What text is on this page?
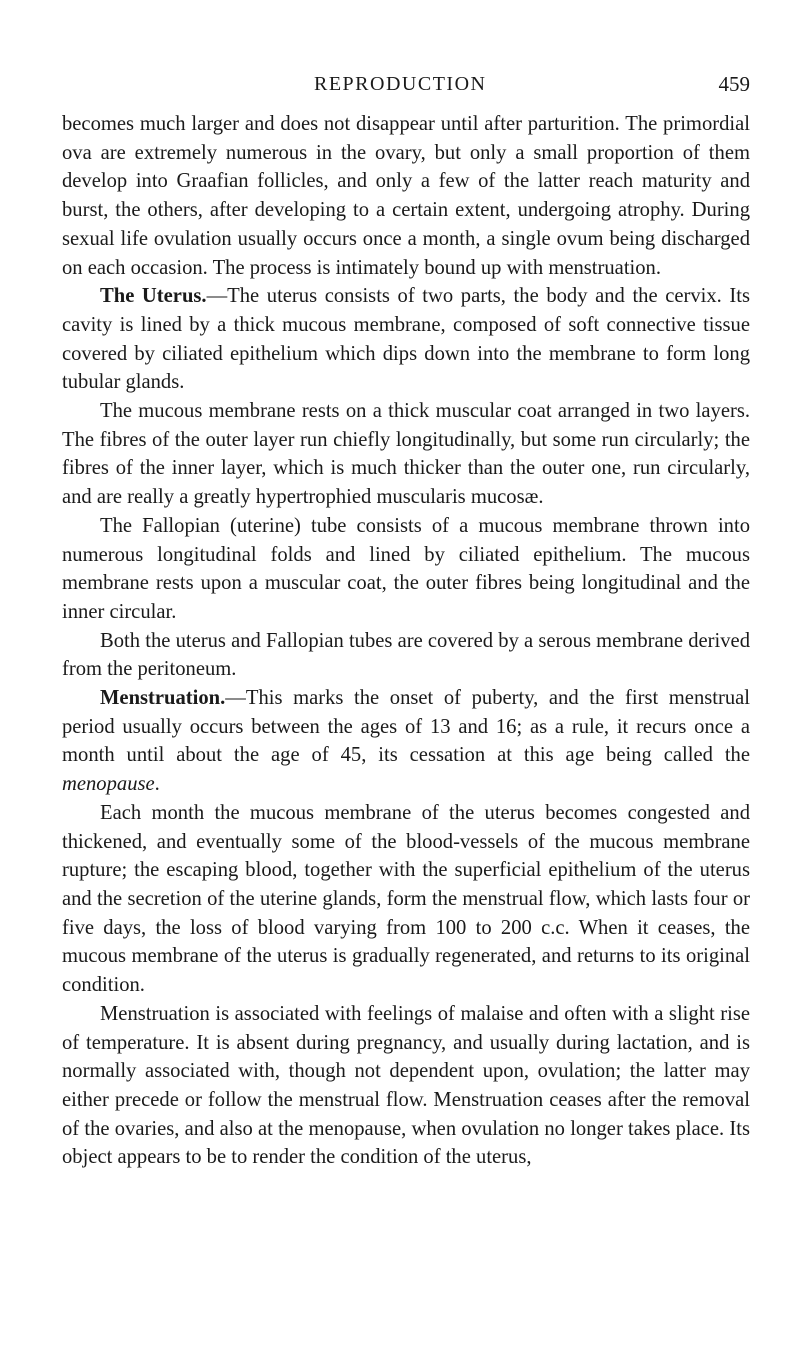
REPRODUCTION	459

becomes much larger and does not disappear until after parturition. The primordial ova are extremely numerous in the ovary, but only a small proportion of them develop into Graafian follicles, and only a few of the latter reach maturity and burst, the others, after developing to a certain extent, undergoing atrophy. During sexual life ovulation usually occurs once a month, a single ovum being discharged on each occasion. The process is intimately bound up with menstruation.

The Uterus.—The uterus consists of two parts, the body and the cervix. Its cavity is lined by a thick mucous membrane, composed of soft connective tissue covered by ciliated epithelium which dips down into the membrane to form long tubular glands.

The mucous membrane rests on a thick muscular coat arranged in two layers. The fibres of the outer layer run chiefly longitudinally, but some run circularly; the fibres of the inner layer, which is much thicker than the outer one, run circularly, and are really a greatly hypertrophied muscularis mucosæ.

The Fallopian (uterine) tube consists of a mucous membrane thrown into numerous longitudinal folds and lined by ciliated epithelium. The mucous membrane rests upon a muscular coat, the outer fibres being longitudinal and the inner circular.

Both the uterus and Fallopian tubes are covered by a serous membrane derived from the peritoneum.

Menstruation.—This marks the onset of puberty, and the first menstrual period usually occurs between the ages of 13 and 16; as a rule, it recurs once a month until about the age of 45, its cessation at this age being called the menopause.

Each month the mucous membrane of the uterus becomes congested and thickened, and eventually some of the blood-vessels of the mucous membrane rupture; the escaping blood, together with the superficial epithelium of the uterus and the secretion of the uterine glands, form the menstrual flow, which lasts four or five days, the loss of blood varying from 100 to 200 c.c. When it ceases, the mucous membrane of the uterus is gradually regenerated, and returns to its original condition.

Menstruation is associated with feelings of malaise and often with a slight rise of temperature. It is absent during pregnancy, and usually during lactation, and is normally associated with, though not dependent upon, ovulation; the latter may either precede or follow the menstrual flow. Menstruation ceases after the removal of the ovaries, and also at the menopause, when ovulation no longer takes place. Its object appears to be to render the condition of the uterus,
